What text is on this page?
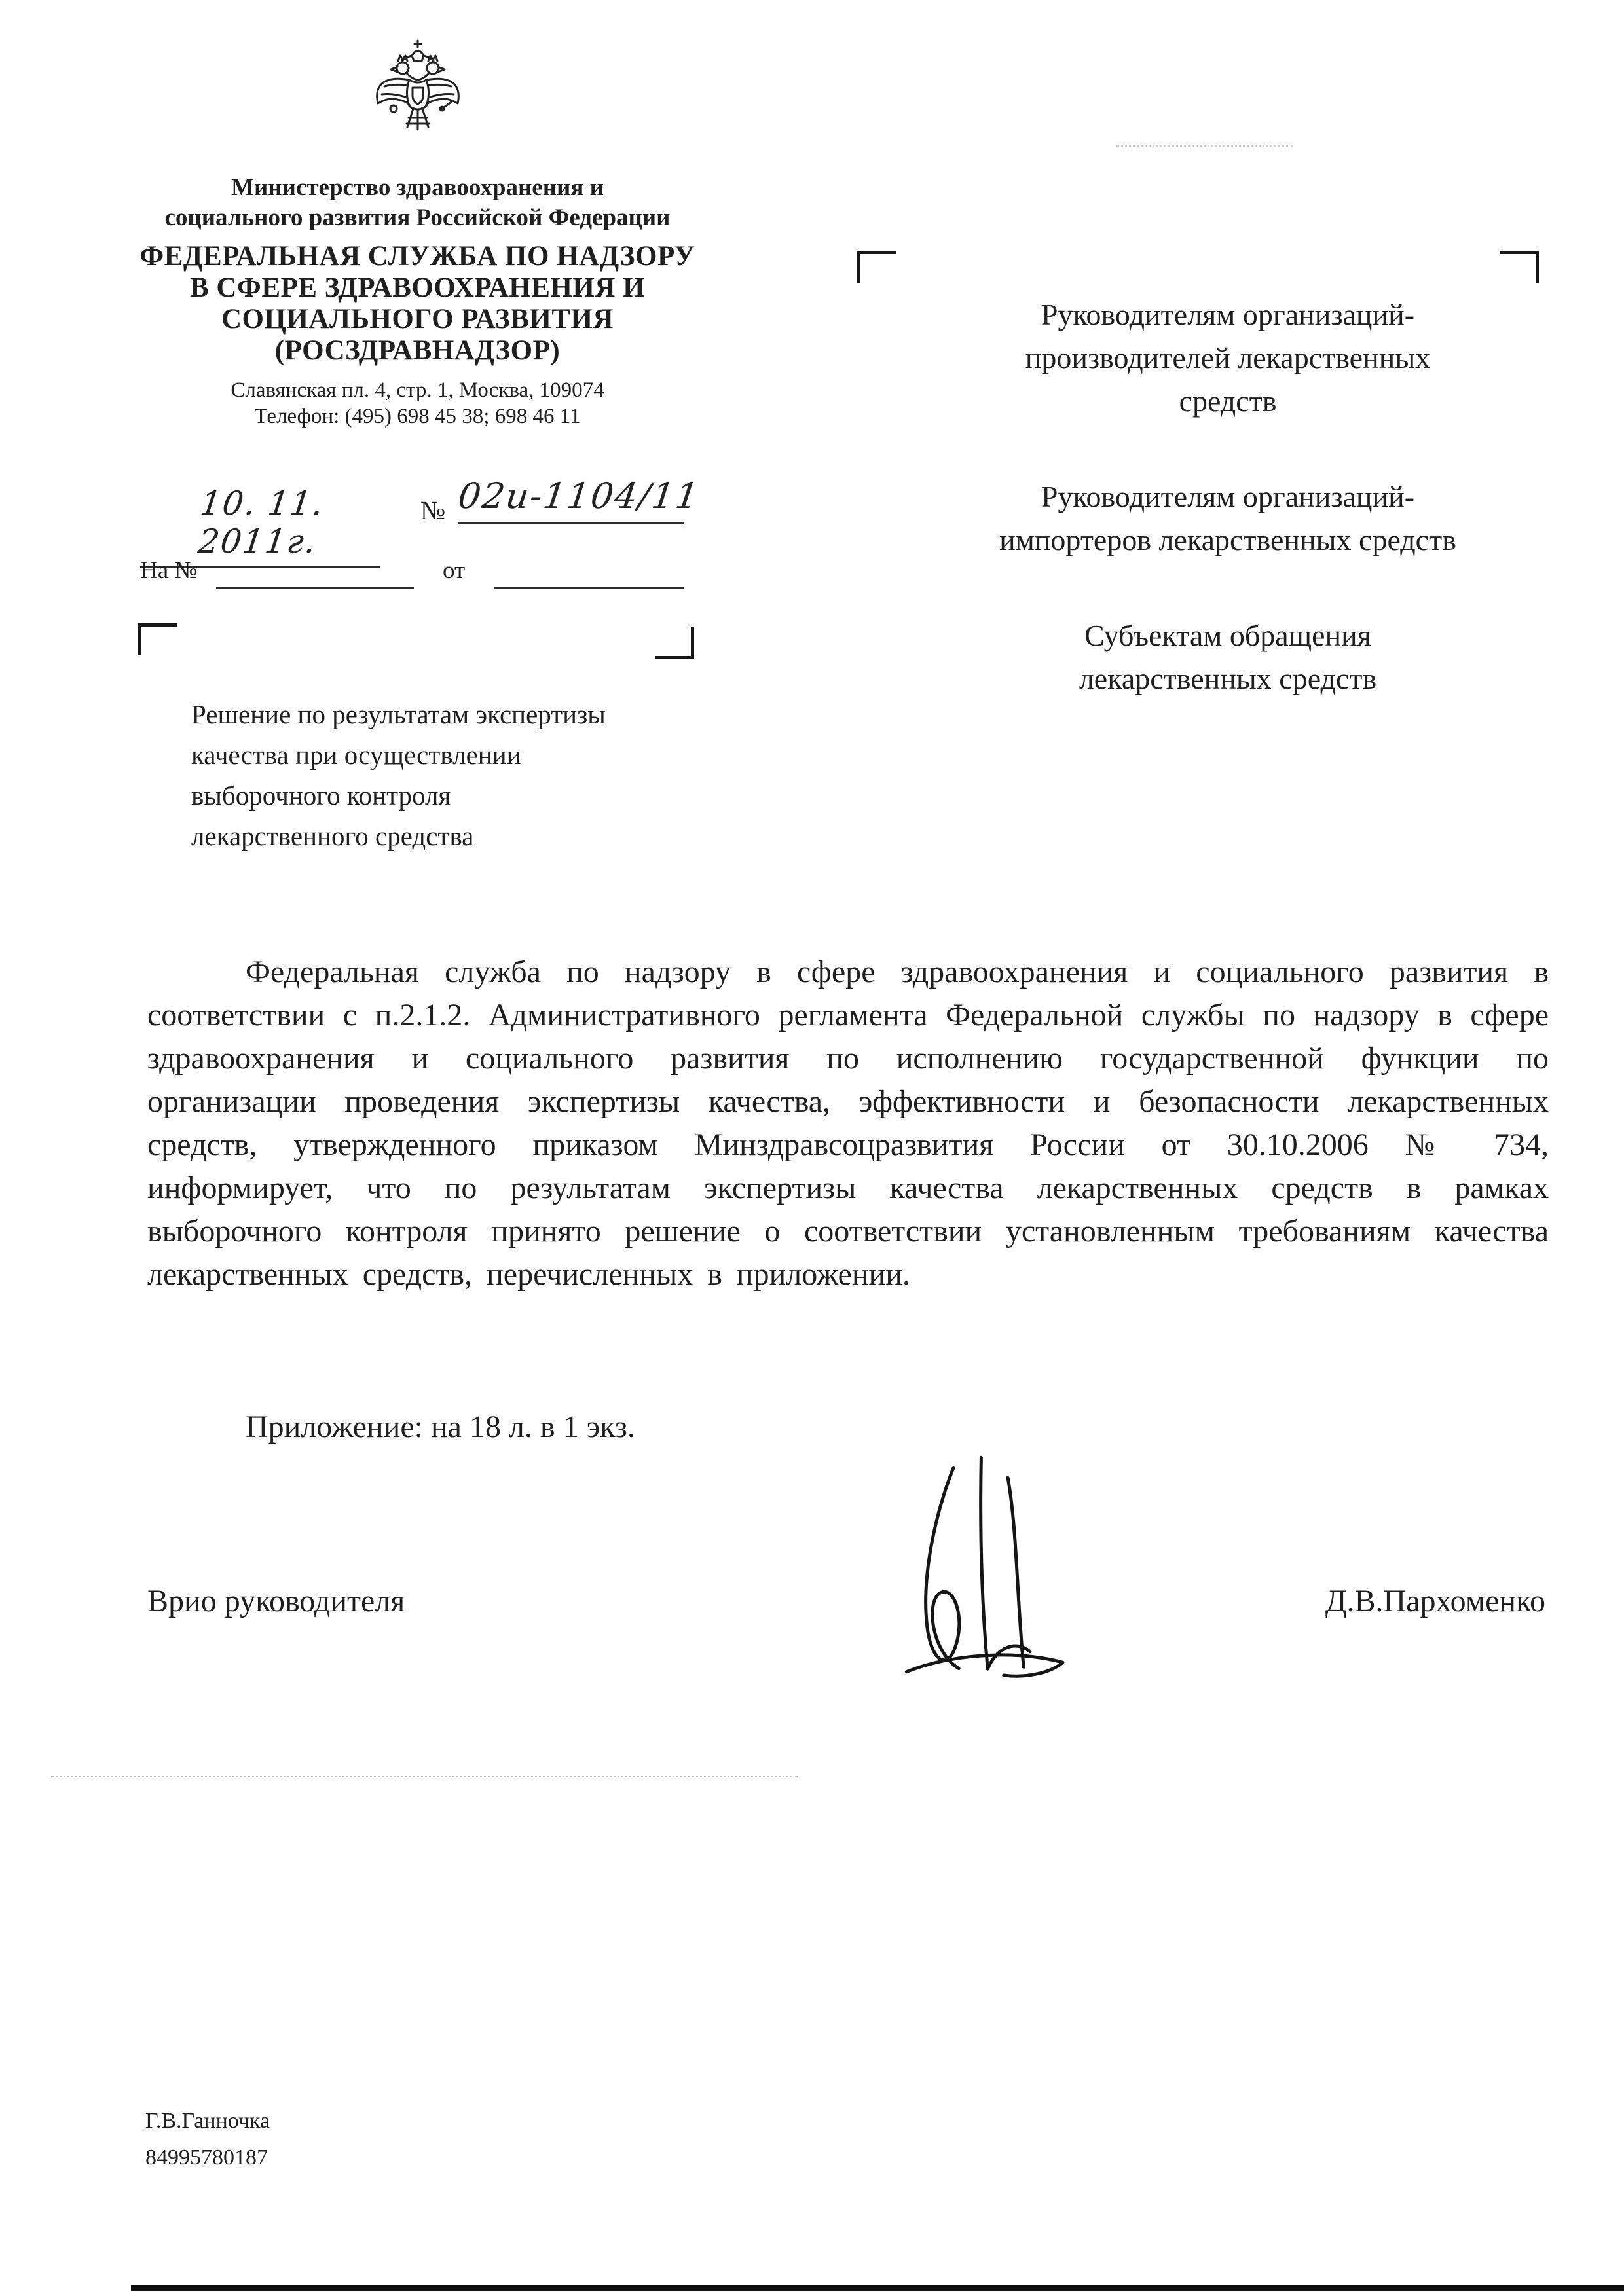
Министерство здравоохранения и
социального развития Российской Федерации
ФЕДЕРАЛЬНАЯ СЛУЖБА ПО НАДЗОРУ
В СФЕРЕ ЗДРАВООХРАНЕНИЯ И
СОЦИАЛЬНОГО РАЗВИТИЯ
(РОСЗДРАВНАДЗОР)
Славянская пл. 4, стр. 1, Москва, 109074
Телефон: (495) 698 45 38; 698 46 11
10. 11. 2011г.
№ 02и-1104/11
На №	от
Руководителям организаций-
производителей лекарственных
средств
Руководителям организаций-
импортеров лекарственных средств
Субъектам обращения
лекарственных средств
Решение по результатам экспертизы
качества при осуществлении
выборочного контроля
лекарственного средства
Федеральная служба по надзору в сфере здравоохранения и социального развития в соответствии с п.2.1.2. Административного регламента Федеральной службы по надзору в сфере здравоохранения и социального развития по исполнению государственной функции по организации проведения экспертизы качества, эффективности и безопасности лекарственных средств, утвержденного приказом Минздравсоцразвития России от 30.10.2006 № 734, информирует, что по результатам экспертизы качества лекарственных средств в рамках выборочного контроля принято решение о соответствии установленным требованиям качества лекарственных средств, перечисленных в приложении.
Приложение: на 18 л. в 1 экз.
Врио руководителя	Д.В.Пархоменко
Г.В.Ганночка
84995780187
